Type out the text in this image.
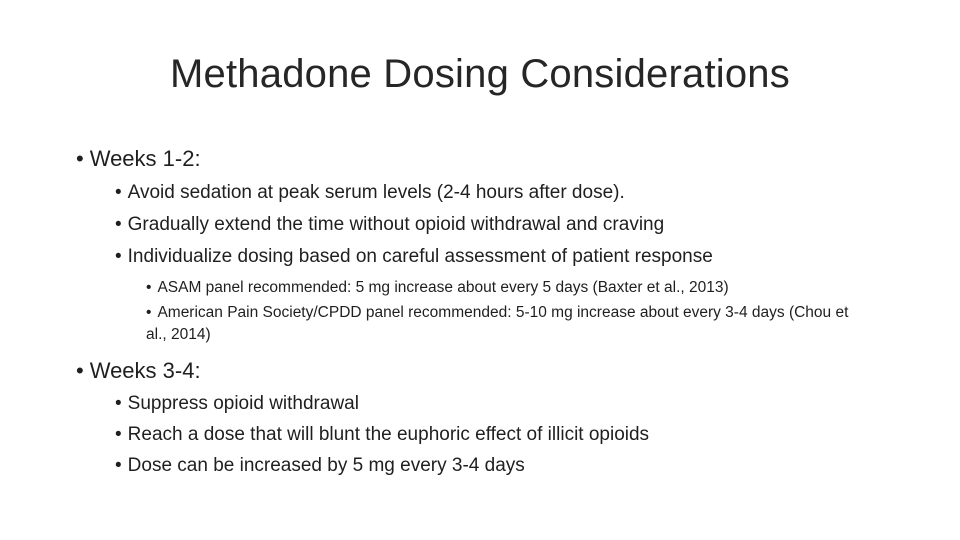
Methadone Dosing Considerations
• Weeks 1-2:
• Avoid sedation at peak serum levels (2-4 hours after dose).
• Gradually extend the time without opioid withdrawal and craving
• Individualize dosing based on careful assessment of patient response
• ASAM panel recommended: 5 mg increase about every 5 days (Baxter et al., 2013)
• American Pain Society/CPDD panel recommended: 5-10 mg increase about every 3-4 days (Chou et al., 2014)
• Weeks 3-4:
• Suppress opioid withdrawal
• Reach a dose that will blunt the euphoric effect of illicit opioids
• Dose can be increased by 5 mg every 3-4 days
